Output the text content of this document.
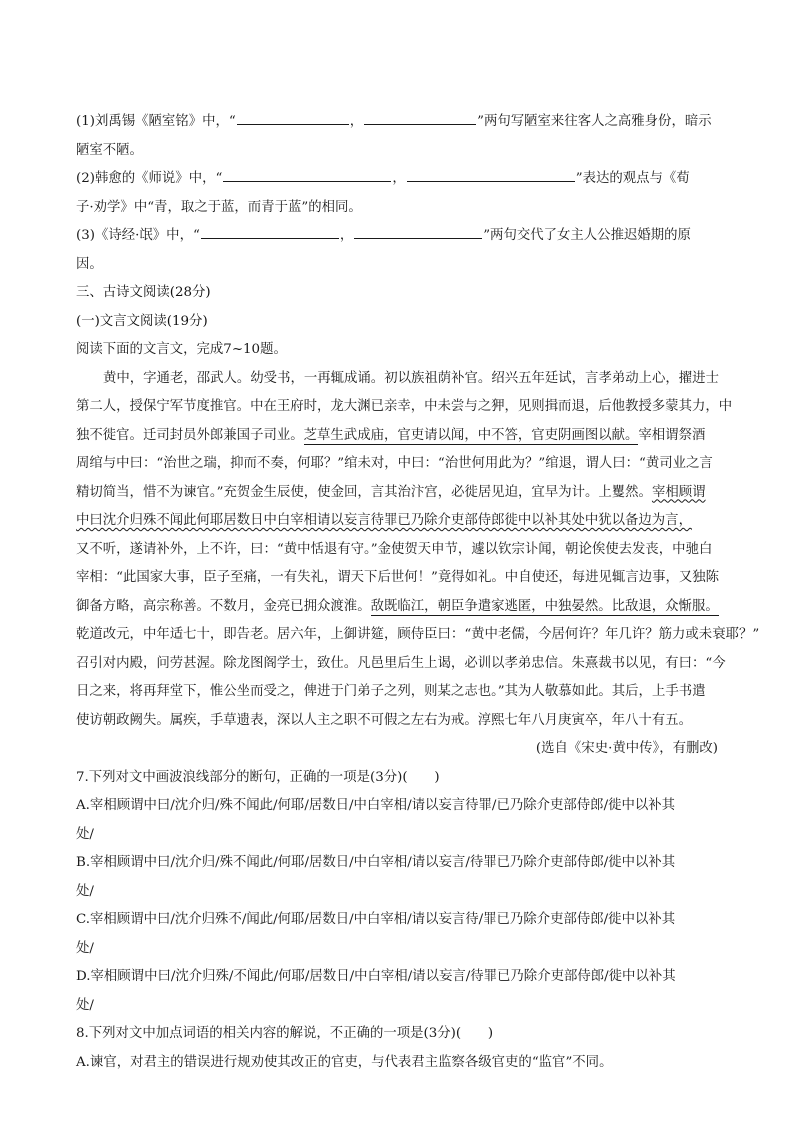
(1)刘禹锡《陋室铭》中，“	，	”两句写陋室来往客人之高雅身份，暗示
陋室不陋。
(2)韩愈的《师说》中，“	，	”表达的观点与《荀
子·劝学》中“青，取之于蓝，而青于蓝”的相同。
(3)《诗经·氓》中，“	，	”两句交代了女主人公推迟婚期的原
因。
三、古诗文阅读(28分)
(一)文言文阅读(19分)
阅读下面的文言文，完成7~10题。
黄中，字通老，邵武人。幼受书，一再辄成诵。初以族祖荫补官。绍兴五年廷试，言孝弟动上心，擢进士
第二人，授保宁军节度推官。中在王府时，龙大渊已亲幸，中未尝与之狎，见则揖而退，后他教授多蒙其力，中
独不徙官。迁司封员外郎兼国子司业。芝草生武成庙，官吏请以闻，中不答，官吏阴画图以献。宰相谓祭酒
周绾与中曰：“治世之瑞，抑而不奏，何耶？”绾未对，中曰：“治世何用此为？”绾退，谓人曰：“黄司业之言
精切简当，惜不为谏官。”充贺金生辰使，使金回，言其治汴宫，必徙居见迫，宜早为计。上矍然。宰相顾谓
中曰沈介归殊不闻此何耶居数日中白宰相请以妄言待罪已乃除介吏部侍郎徙中以补其处中犹以备边为言，
又不听，遂请补外，上不许，曰：“黄中恬退有守。”金使贺天申节，遽以钦宗讣闻，朝论俟使去发丧，中驰白
宰相：“此国家大事，臣子至痛，一有失礼，谓天下后世何！”竟得如礼。中自使还，每进见辄言边事，又独陈
御备方略，高宗称善。不数月，金亮已拥众渡淮。敌既临江，朝臣争遣家逃匿，中独晏然。比敌退，众惭服。
乾道改元，中年适七十，即告老。居六年，上御讲筵，顾侍臣曰：“黄中老儒，今居何许？年几许？筋力或未衰耶？”
召引对内殿，问劳甚渥。除龙图阁学士，致仕。凡邑里后生上谒，必训以孝弟忠信。朱熹裁书以见，有曰：“今
日之来，将再拜堂下，惟公坐而受之，俾进于门弟子之列，则某之志也。”其为人敬慕如此。其后，上手书遣
使访朝政阙失。属疾，手草遗表，深以人主之职不可假之左右为戒。淳熙七年八月庚寅卒，年八十有五。
(选自《宋史·黄中传》，有删改)
7.下列对文中画波浪线部分的断句，正确的一项是(3分)(　　)
A.宰相顾谓中曰/沈介归/殊不闻此/何耶/居数日/中白宰相/请以妄言待罪/已乃除介吏部侍郎/徙中以补其
处/
B.宰相顾谓中曰/沈介归/殊不闻此/何耶/居数日/中白宰相/请以妄言/待罪已乃除介吏部侍郎/徙中以补其
处/
C.宰相顾谓中曰/沈介归殊不/闻此/何耶/居数日/中白宰相/请以妄言待/罪已乃除介吏部侍郎/徙中以补其
处/
D.宰相顾谓中曰/沈介归殊/不闻此/何耶/居数日/中白宰相/请以妄言/待罪已乃除介吏部侍郎/徙中以补其
处/
8.下列对文中加点词语的相关内容的解说，不正确的一项是(3分)(　　)
A.谏官，对君主的错误进行规劝使其改正的官吏，与代表君主监察各级官吏的“监官”不同。
